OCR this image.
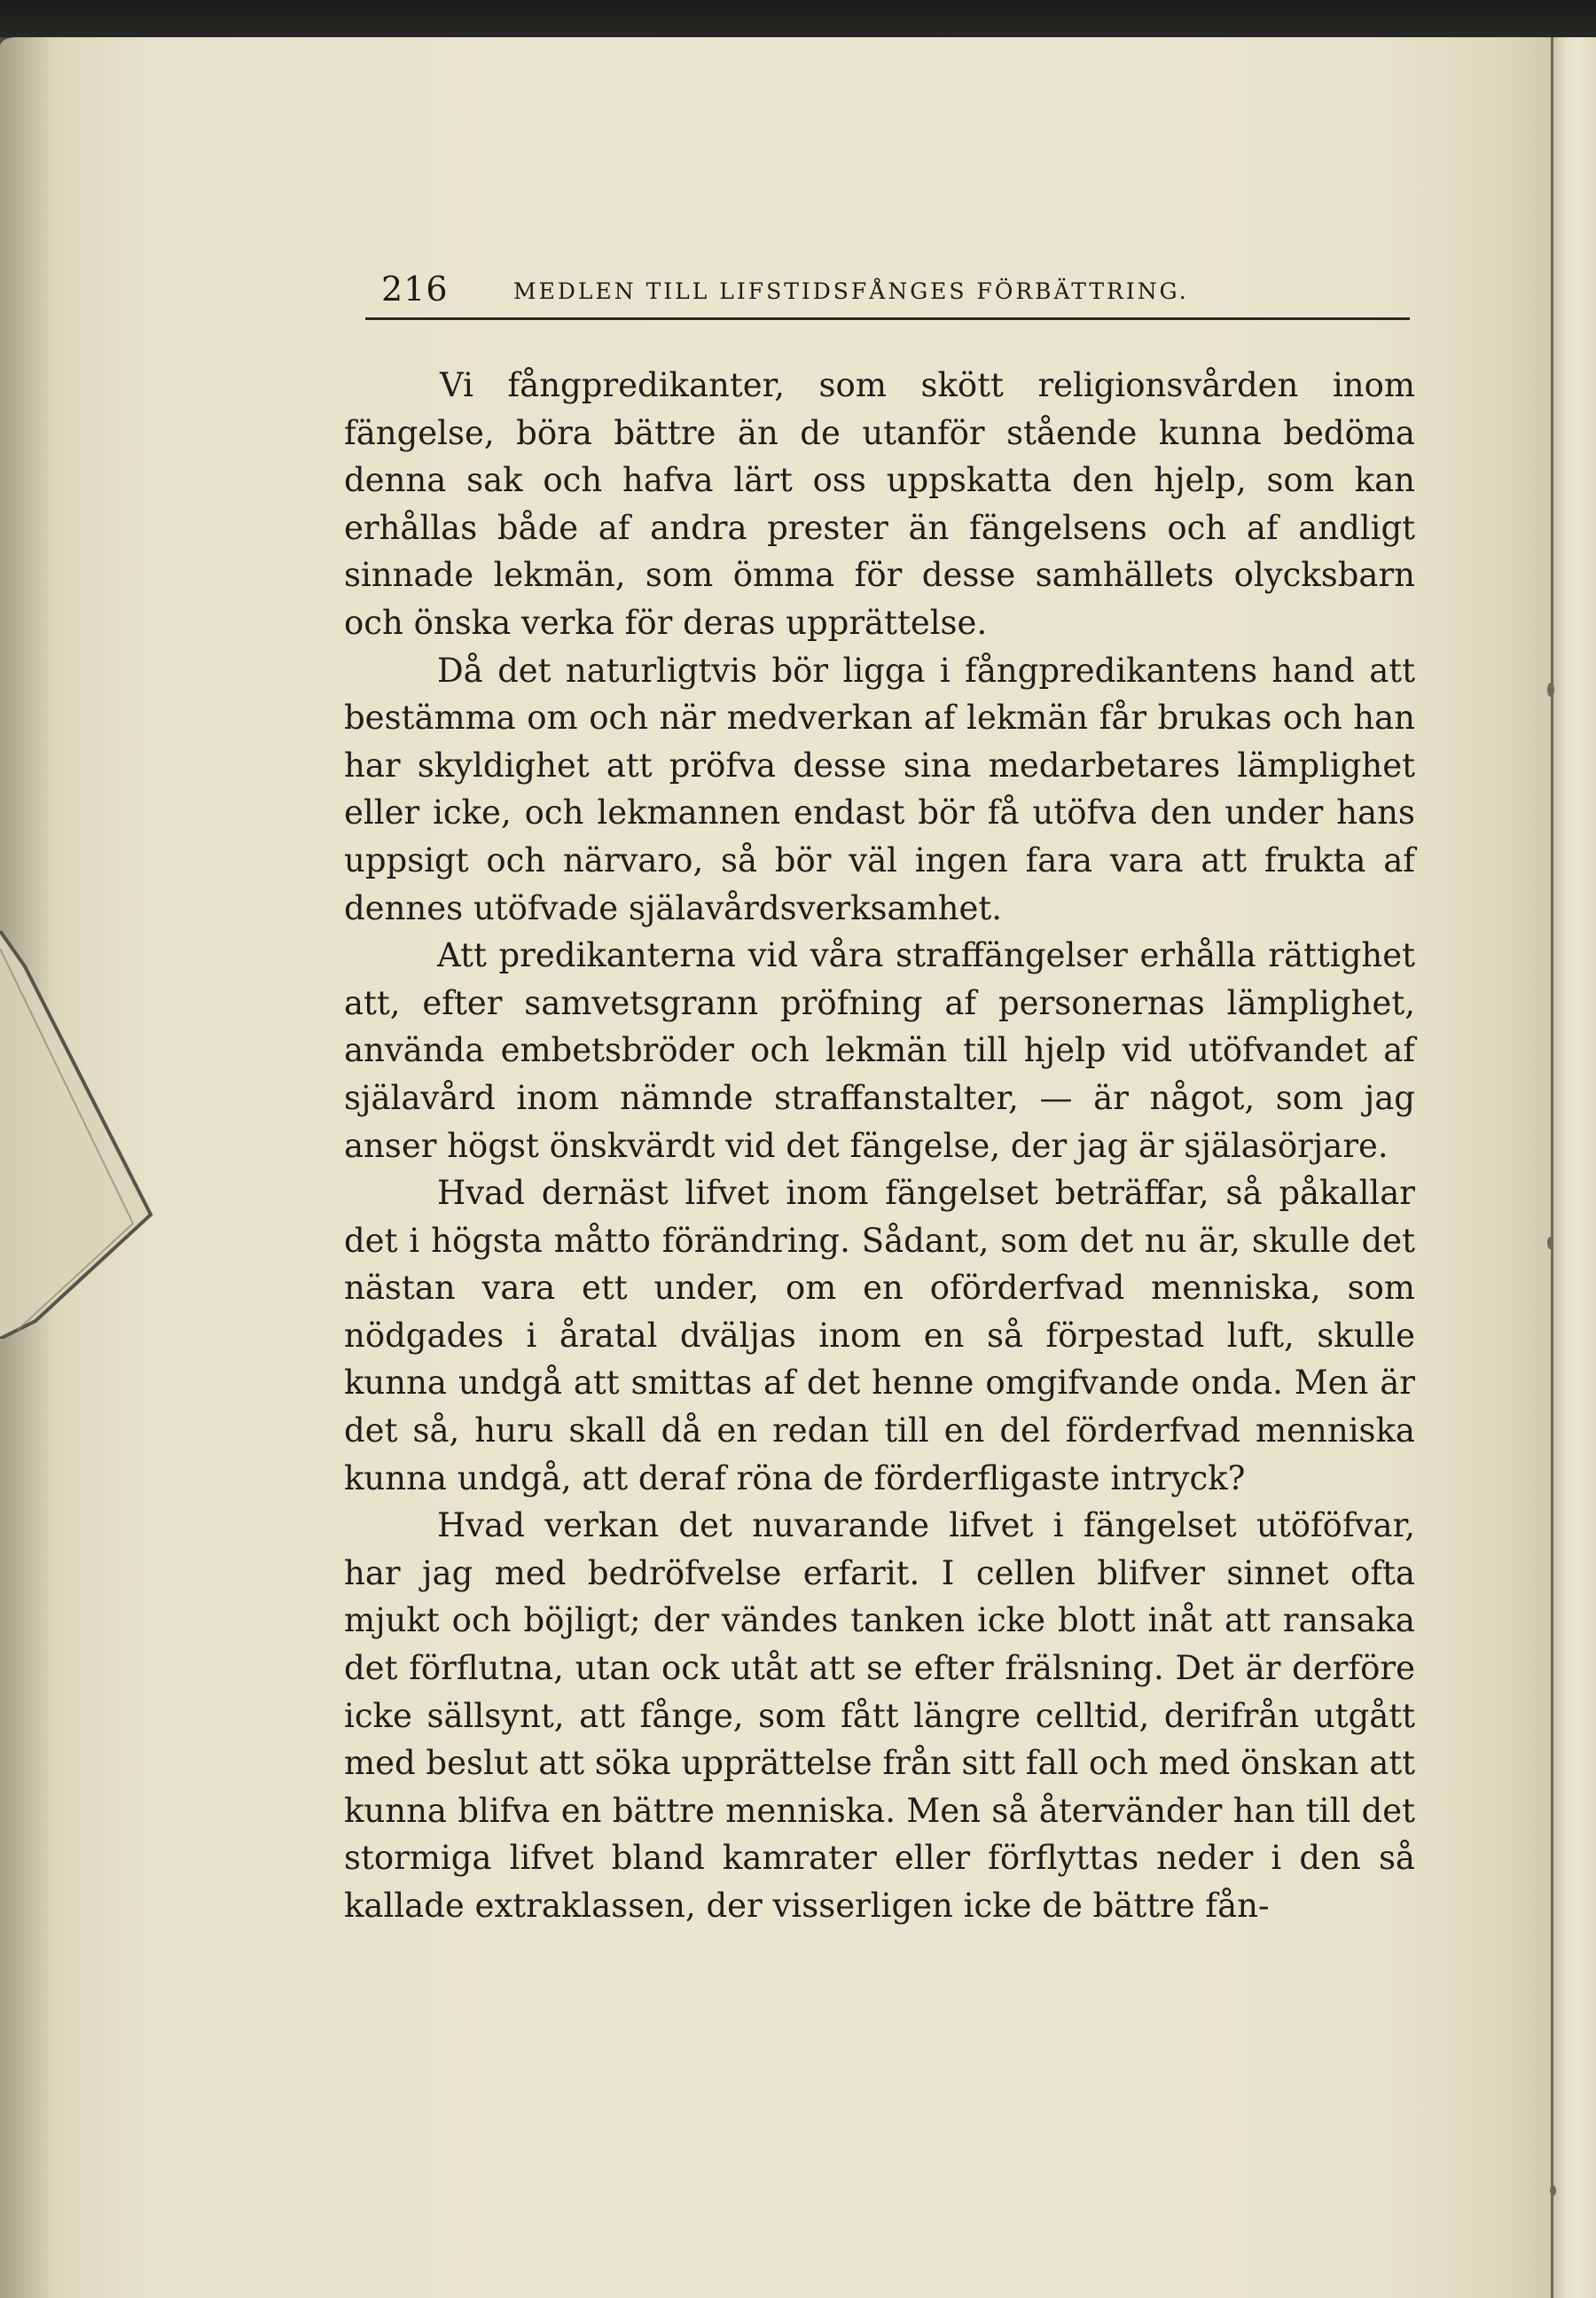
216	MEDLEN TILL LIFSTIDSFÅNGES FÖRBÄTTRING.

Vi fångpredikanter, som skött religionsvården inom fängelse, böra bättre än de utanför stående kunna bedöma denna sak och hafva lärt oss uppskatta den hjelp, som kan erhållas både af andra prester än fängelsens och af andligt sinnade lekmän, som ömma för desse samhällets olycksbarn och önska verka för deras upprättelse.

Då det naturligtvis bör ligga i fångpredikantens hand att bestämma om och när medverkan af lekmän får brukas och han har skyldighet att pröfva desse sina medarbetares lämplighet eller icke, och lekmannen endast bör få utöfva den under hans uppsigt och närvaro, så bör väl ingen fara vara att frukta af dennes utöfvade själavårdsverksamhet.

Att predikanterna vid våra straffängelser erhålla rättighet att, efter samvetsgrann pröfning af personernas lämplighet, använda embetsbröder och lekmän till hjelp vid utöfvandet af själavård inom nämnde straffanstalter, — är något, som jag anser högst önskvärdt vid det fängelse, der jag är själasörjare.

Hvad dernäst lifvet inom fängelset beträffar, så påkallar det i högsta måtto förändring. Sådant, som det nu är, skulle det nästan vara ett under, om en oförderfvad menniska, som nödgades i åratal dväljas inom en så förpestad luft, skulle kunna undgå att smittas af det henne omgifvande onda. Men är det så, huru skall då en redan till en del förderfvad menniska kunna undgå, att deraf röna de förderfligaste intryck?

Hvad verkan det nuvarande lifvet i fängelset utöföfvar, har jag med bedröfvelse erfarit. I cellen blifver sinnet ofta mjukt och böjligt; der vändes tanken icke blott inåt att ransaka det förflutna, utan ock utåt att se efter frälsning. Det är derföre icke sällsynt, att fånge, som fått längre celltid, derifrån utgått med beslut att söka upprättelse från sitt fall och med önskan att kunna blifva en bättre menniska. Men så återvänder han till det stormiga lifvet bland kamrater eller förflyttas neder i den så kallade extraklassen, der visserligen icke de bättre fån-
